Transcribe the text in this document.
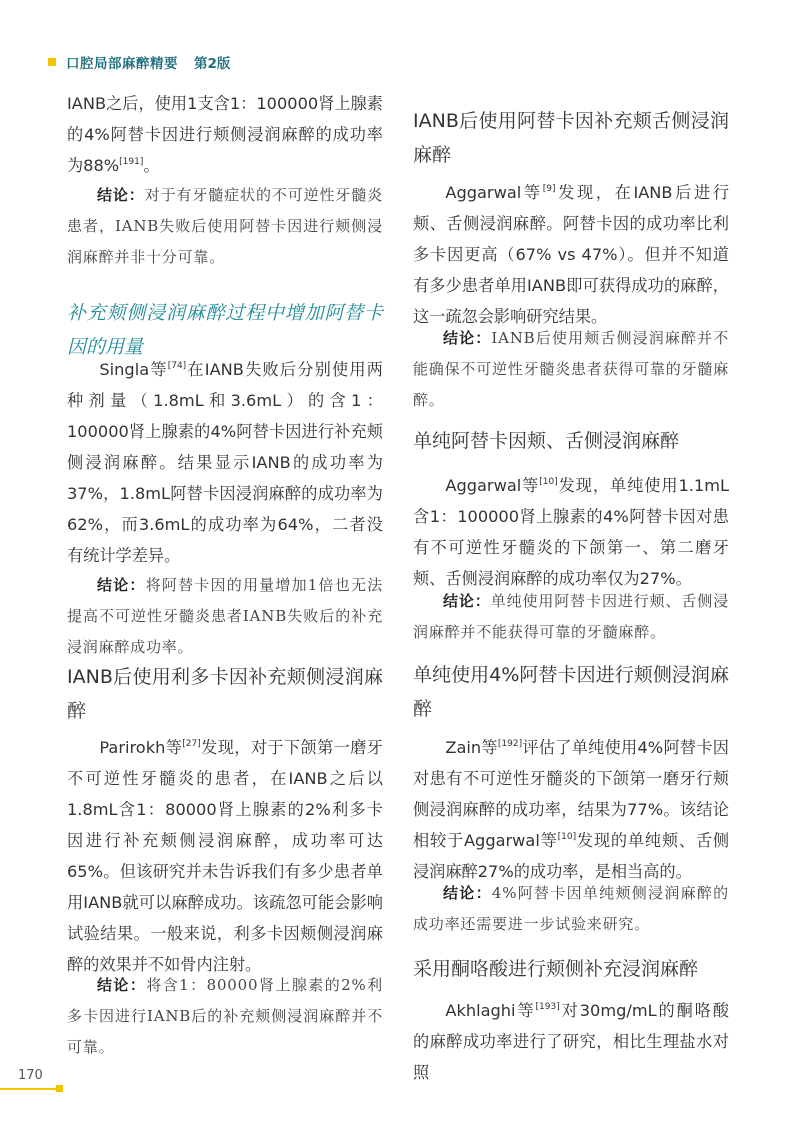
口腔局部麻醉精要 第2版
IANB之后，使用1支含1：100000肾上腺素的4%阿替卡因进行颊侧浸润麻醉的成功率为88%[191]。
结论：对于有牙髓症状的不可逆性牙髓炎患者，IANB失败后使用阿替卡因进行颊侧浸润麻醉并非十分可靠。
补充颊侧浸润麻醉过程中增加阿替卡因的用量
Singla等[74]在IANB失败后分别使用两种剂量（1.8mL和3.6mL）的含1：100000肾上腺素的4%阿替卡因进行补充颊侧浸润麻醉。结果显示IANB的成功率为37%，1.8mL阿替卡因浸润麻醉的成功率为62%，而3.6mL的成功率为64%，二者没有统计学差异。
结论：将阿替卡因的用量增加1倍也无法提高不可逆性牙髓炎患者IANB失败后的补充浸润麻醉成功率。
IANB后使用利多卡因补充颊侧浸润麻醉
Parirokh等[27]发现，对于下颌第一磨牙不可逆性牙髓炎的患者，在IANB之后以1.8mL含1：80000肾上腺素的2%利多卡因进行补充颊侧浸润麻醉，成功率可达65%。但该研究并未告诉我们有多少患者单用IANB就可以麻醉成功。该疏忽可能会影响试验结果。一般来说，利多卡因颊侧浸润麻醉的效果并不如骨内注射。
结论：将含1：80000肾上腺素的2%利多卡因进行IANB后的补充颊侧浸润麻醉并不可靠。
IANB后使用阿替卡因补充颊舌侧浸润麻醉
Aggarwal等[9]发现，在IANB后进行颊、舌侧浸润麻醉。阿替卡因的成功率比利多卡因更高（67% vs 47%）。但并不知道有多少患者单用IANB即可获得成功的麻醉，这一疏忽会影响研究结果。
结论：IANB后使用颊舌侧浸润麻醉并不能确保不可逆性牙髓炎患者获得可靠的牙髓麻醉。
单纯阿替卡因颊、舌侧浸润麻醉
Aggarwal等[10]发现，单纯使用1.1mL含1：100000肾上腺素的4%阿替卡因对患有不可逆性牙髓炎的下颌第一、第二磨牙颊、舌侧浸润麻醉的成功率仅为27%。
结论：单纯使用阿替卡因进行颊、舌侧浸润麻醉并不能获得可靠的牙髓麻醉。
单纯使用4%阿替卡因进行颊侧浸润麻醉
Zain等[192]评估了单纯使用4%阿替卡因对患有不可逆性牙髓炎的下颌第一磨牙行颊侧浸润麻醉的成功率，结果为77%。该结论相较于Aggarwal等[10]发现的单纯颊、舌侧浸润麻醉27%的成功率，是相当高的。
结论：4%阿替卡因单纯颊侧浸润麻醉的成功率还需要进一步试验来研究。
采用酮咯酸进行颊侧补充浸润麻醉
Akhlaghi等[193]对30mg/mL的酮咯酸的麻醉成功率进行了研究，相比生理盐水对照
170
